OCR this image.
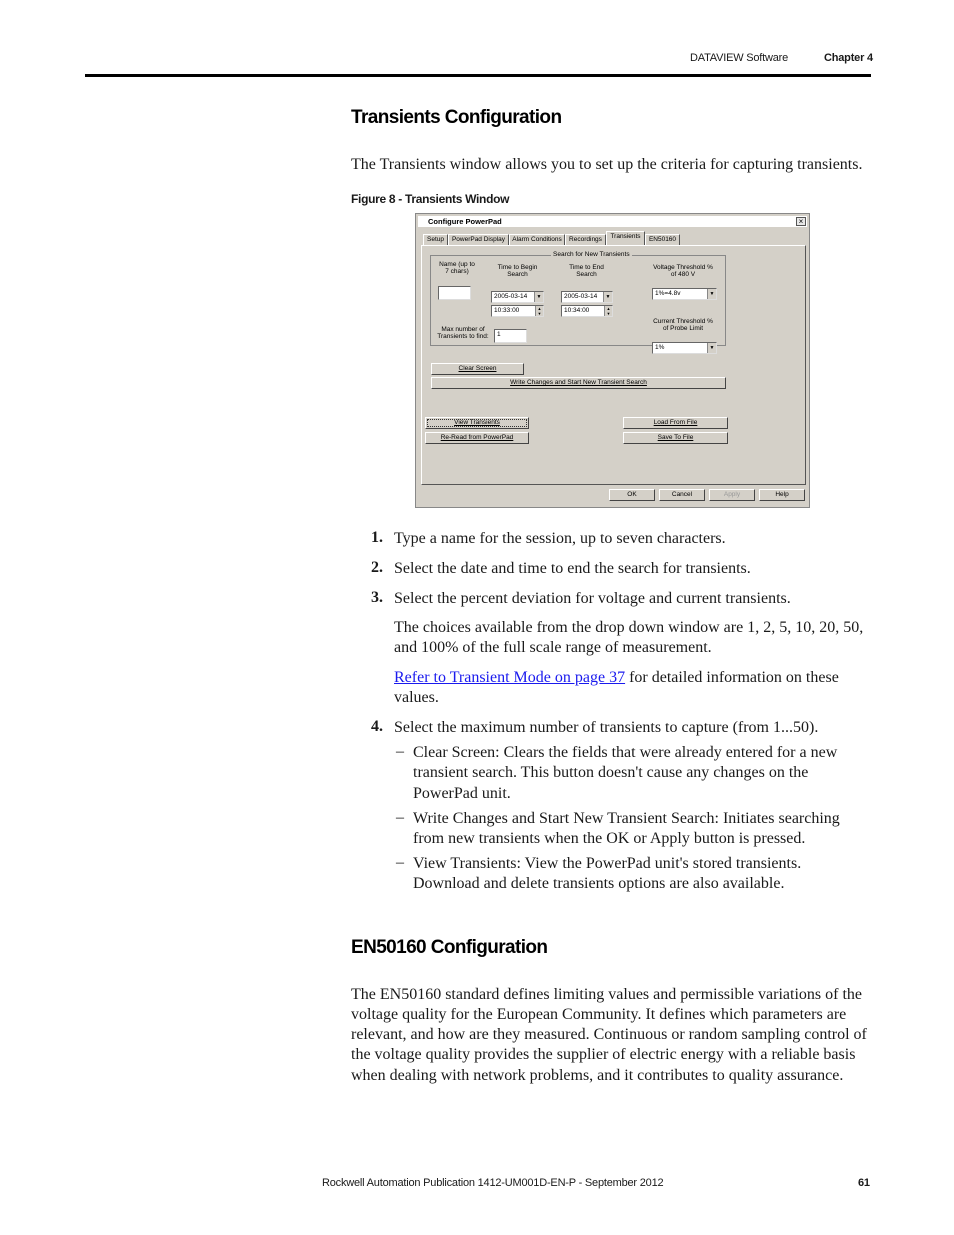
DATAVIEW Software	Chapter 4
Transients Configuration
The Transients window allows you to set up the criteria for capturing transients.
Figure 8 - Transients Window
Configure PowerPad	×
Setup	PowerPad Display	Alarm Conditions	Recordings	Transients	EN50160
Search for New Transients
Name (up to
7 chars)
Time to Begin
Search
2005-03-14	▼
10:33:00	▲
▼
Time to End
Search
2005-03-14	▼
10:34:00	▲
▼
Voltage Threshold %
of 480 V
1%=4.8v	▼
Current Threshold %
of Probe Limit
1%	▼
Max number of
Transients to find:	1
Clear Screen
Write Changes and Start New Transient Search
View Transients
Re-Read from PowerPad
Load From File
Save To File
OK	Cancel	Apply	Help
1. Type a name for the session, up to seven characters.
2. Select the date and time to end the search for transients.
3. Select the percent deviation for voltage and current transients.
The choices available from the drop down window are 1, 2, 5, 10, 20, 50,
and 100% of the full scale range of measurement.
Refer to Transient Mode on page 37 for detailed information on these
values.
4. Select the maximum number of transients to capture (from 1...50).
– Clear Screen: Clears the fields that were already entered for a new
transient search. This button doesn't cause any changes on the
PowerPad unit.
– Write Changes and Start New Transient Search: Initiates searching
from new transients when the OK or Apply button is pressed.
– View Transients: View the PowerPad unit's stored transients.
Download and delete transients options are also available.
EN50160 Configuration
The EN50160 standard defines limiting values and permissible variations of the
voltage quality for the European Community. It defines which parameters are
relevant, and how are they measured. Continuous or random sampling control of
the voltage quality provides the supplier of electric energy with a reliable basis
when dealing with network problems, and it contributes to quality assurance.
Rockwell Automation Publication 1412-UM001D-EN-P - September 2012	61
